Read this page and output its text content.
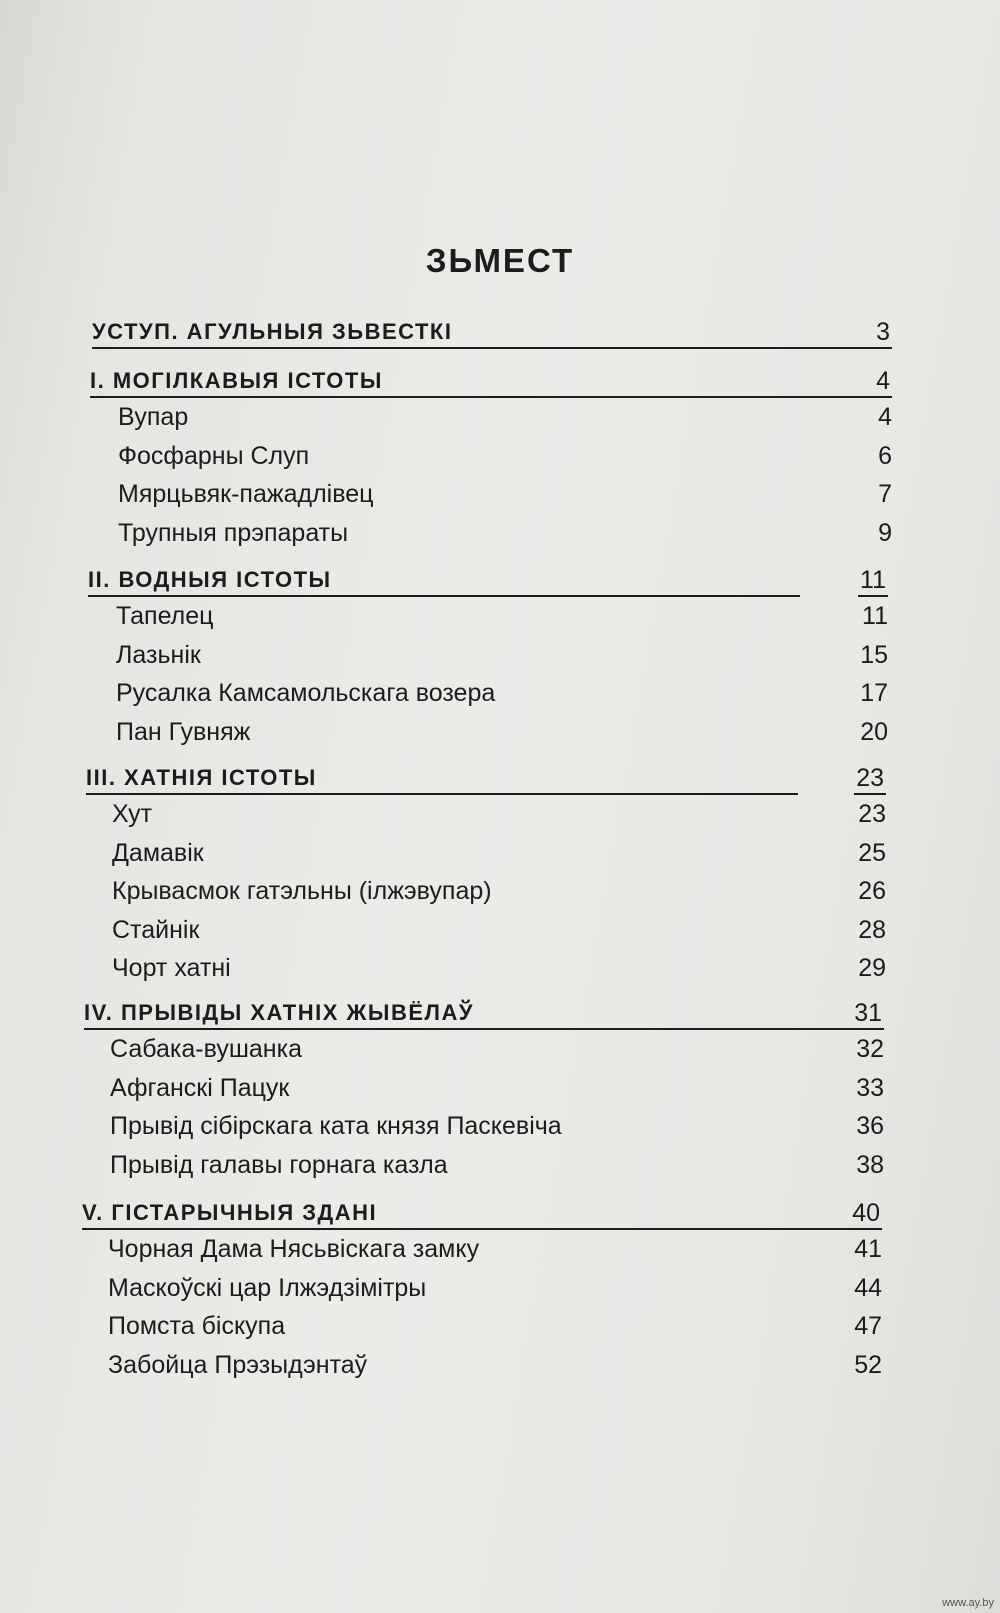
ЗЬМЕСТ
УСТУП. АГУЛЬНЫЯ ЗЬВЕСТКІ	3
I. МОГІЛКАВЫЯ ІСТОТЫ	4
Вупар	4
Фосфарны Слуп	6
Мярцьвяк-пажадлівец	7
Трупныя прэпараты	9
II. ВОДНЫЯ ІСТОТЫ	11
Тапелец	11
Лазьнік	15
Русалка Камсамольскага возера	17
Пан Гувняж	20
III. ХАТНІЯ ІСТОТЫ	23
Хут	23
Дамавік	25
Крывасмок гатэльны (ілжэвупар)	26
Стайнік	28
Чорт хатні	29
IV. ПРЫВІДЫ ХАТНІХ ЖЫВЁЛАЎ	31
Сабака-вушанка	32
Афганскі Пацук	33
Прывід сібірскага ката князя Паскевіча	36
Прывід галавы горнага казла	38
V. ГІСТАРЫЧНЫЯ ЗДАНІ	40
Чорная Дама Нясьвіскага замку	41
Маскоўскі цар Ілжэдзімітры	44
Помста біскупа	47
Забойца Прэзыдэнтаў	52
www.ay.by
